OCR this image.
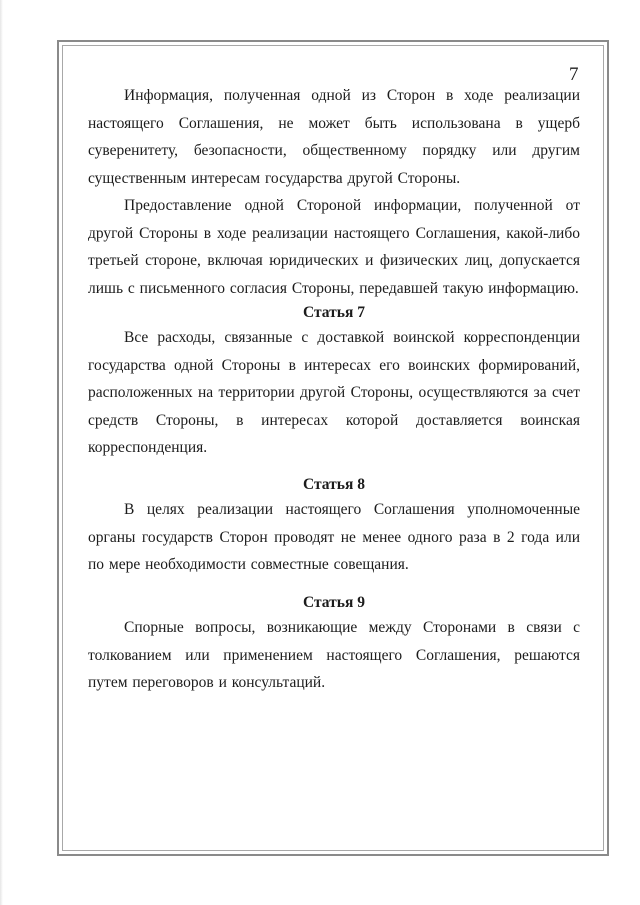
7

Информация, полученная одной из Сторон в ходе реализации настоящего Соглашения, не может быть использована в ущерб суверенитету, безопасности, общественному порядку или другим существенным интересам государства другой Стороны.

Предоставление одной Стороной информации, полученной от другой Стороны в ходе реализации настоящего Соглашения, какой-либо третьей стороне, включая юридических и физических лиц, допускается лишь с письменного согласия Стороны, передавшей такую информацию.

Статья 7

Все расходы, связанные с доставкой воинской корреспонденции государства одной Стороны в интересах его воинских формирований, расположенных на территории другой Стороны, осуществляются за счет средств Стороны, в интересах которой доставляется воинская корреспонденция.

Статья 8

В целях реализации настоящего Соглашения уполномоченные органы государств Сторон проводят не менее одного раза в 2 года или по мере необходимости совместные совещания.

Статья 9

Спорные вопросы, возникающие между Сторонами в связи с толкованием или применением настоящего Соглашения, решаются путем переговоров и консультаций.
